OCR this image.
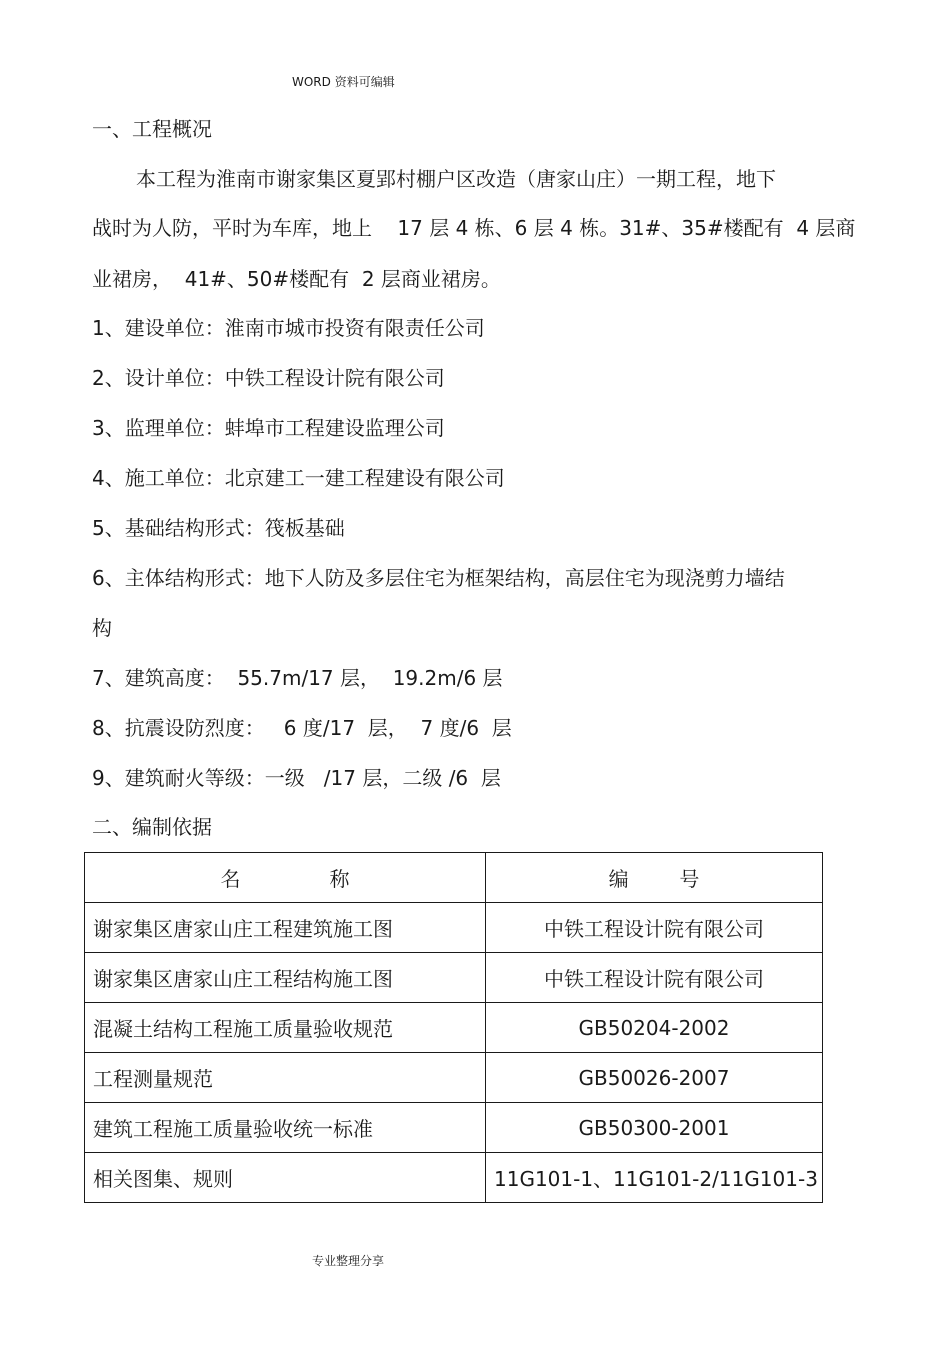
WORD 资料可编辑
一、工程概况
本工程为淮南市谢家集区夏郢村棚户区改造（唐家山庄）一期工程，地下
战时为人防，平时为车库，地上    17 层 4 栋、6 层 4 栋。31#、35#楼配有  4 层商
业裙房，  41#、50#楼配有  2 层商业裙房。
1、建设单位：淮南市城市投资有限责任公司
2、设计单位：中铁工程设计院有限公司
3、监理单位：蚌埠市工程建设监理公司
4、施工单位：北京建工一建工程建设有限公司
5、基础结构形式：筏板基础
6、主体结构形式：地下人防及多层住宅为框架结构，高层住宅为现浇剪力墙结
构
7、建筑高度：  55.7m/17 层，  19.2m/6 层
8、抗震设防烈度：   6 度/17  层，  7 度/6  层
9、建筑耐火等级：一级   /17 层，二级 /6  层
二、编制依据
名              称	编        号
谢家集区唐家山庄工程建筑施工图	中铁工程设计院有限公司
谢家集区唐家山庄工程结构施工图	中铁工程设计院有限公司
混凝土结构工程施工质量验收规范	GB50204-2002
工程测量规范	GB50026-2007
建筑工程施工质量验收统一标准	GB50300-2001
相关图集、规则	11G101-1、11G101-2/11G101-3
专业整理分享
